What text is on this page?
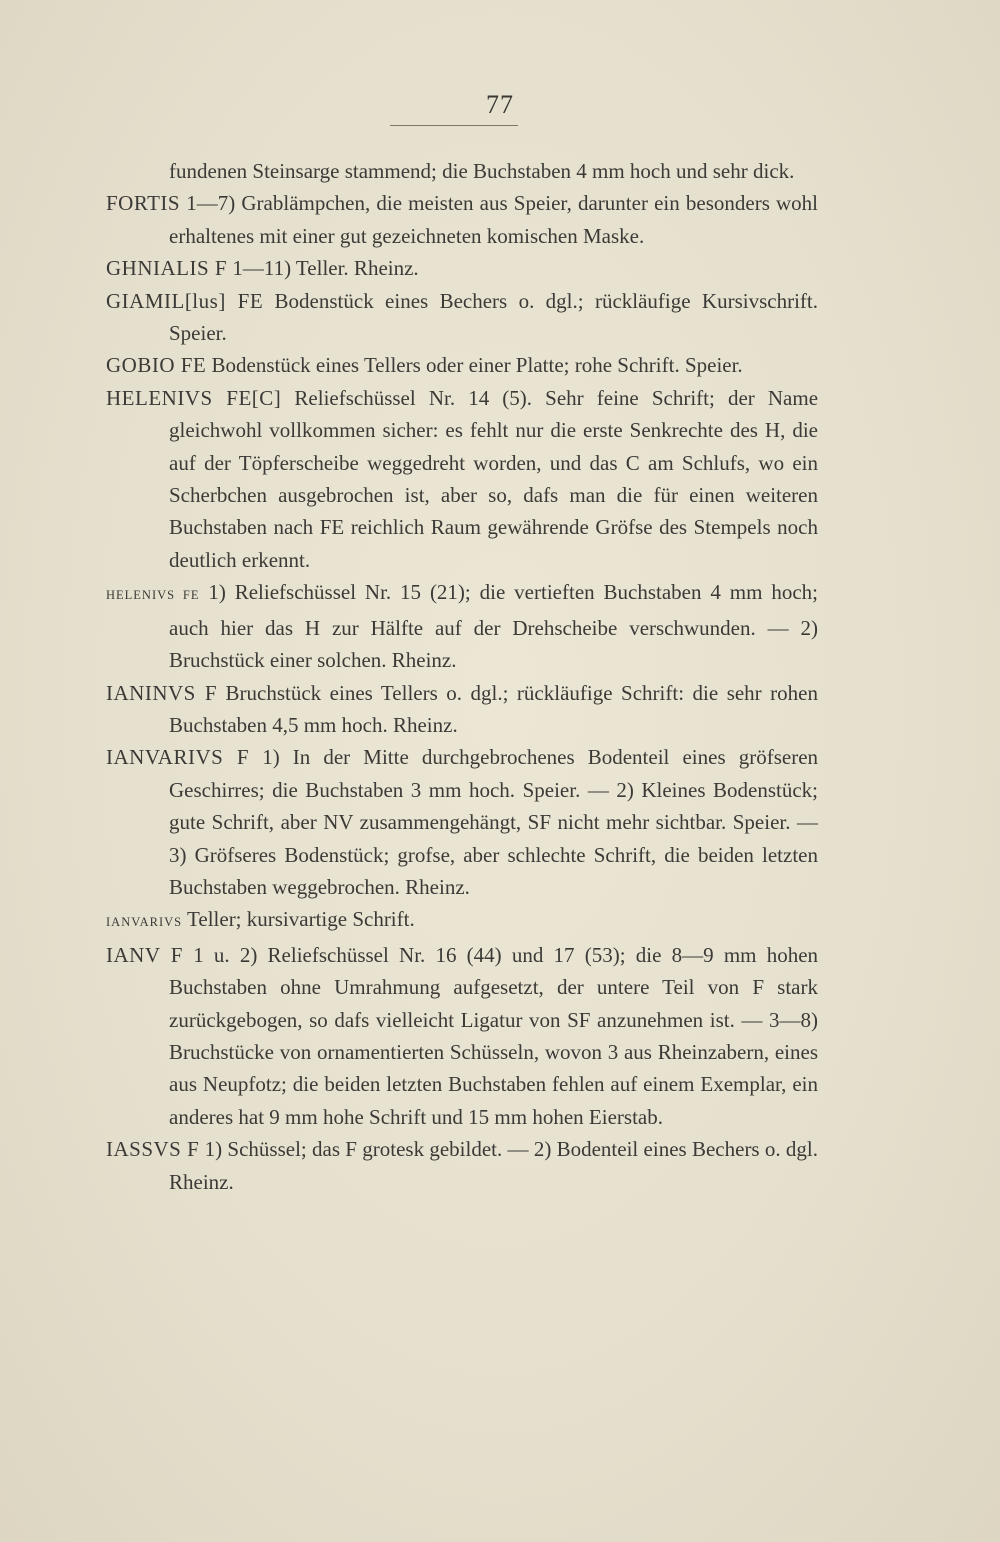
77

fundenen Steinsarge stammend; die Buchstaben 4 mm hoch und sehr dick.

FORTIS 1—7) Grablämpchen, die meisten aus Speier, darunter ein besonders wohl erhaltenes mit einer gut gezeichneten komischen Maske.

GHNIALIS F 1—11) Teller. Rheinz.

GIAMIL[lus] FE Bodenstück eines Bechers o. dgl.; rückläufige Kursivschrift. Speier.

GOBIO FE Bodenstück eines Tellers oder einer Platte; rohe Schrift. Speier.

HELENIVS FE[C] Reliefschüssel Nr. 14 (5). Sehr feine Schrift; der Name gleichwohl vollkommen sicher: es fehlt nur die erste Senkrechte des H, die auf der Töpferscheibe weggedreht worden, und das C am Schlufs, wo ein Scherbchen ausgebrochen ist, aber so, dafs man die für einen weiteren Buchstaben nach FE reichlich Raum gewährende Gröfse des Stempels noch deutlich erkennt.

HELENIVS FE 1) Reliefschüssel Nr. 15 (21); die vertieften Buchstaben 4 mm hoch; auch hier das H zur Hälfte auf der Drehscheibe verschwunden. — 2) Bruchstück einer solchen. Rheinz.

IANINVS F Bruchstück eines Tellers o. dgl.; rückläufige Schrift: die sehr rohen Buchstaben 4,5 mm hoch. Rheinz.

IANVARIVS F 1) In der Mitte durchgebrochenes Bodenteil eines gröfseren Geschirres; die Buchstaben 3 mm hoch. Speier. — 2) Kleines Bodenstück; gute Schrift, aber NV zusammengehängt, SF nicht mehr sichtbar. Speier. — 3) Gröfseres Bodenstück; grofse, aber schlechte Schrift, die beiden letzten Buchstaben weggebrochen. Rheinz.

IANVARIVS Teller; kursivartige Schrift.

IANV F 1 u. 2) Reliefschüssel Nr. 16 (44) und 17 (53); die 8—9 mm hohen Buchstaben ohne Umrahmung aufgesetzt, der untere Teil von F stark zurückgebogen, so dafs vielleicht Ligatur von SF anzunehmen ist. — 3—8) Bruchstücke von ornamentierten Schüsseln, wovon 3 aus Rheinzabern, eines aus Neupfotz; die beiden letzten Buchstaben fehlen auf einem Exemplar, ein anderes hat 9 mm hohe Schrift und 15 mm hohen Eierstab.

IASSVS F 1) Schüssel; das F grotesk gebildet. — 2) Bodenteil eines Bechers o. dgl. Rheinz.
